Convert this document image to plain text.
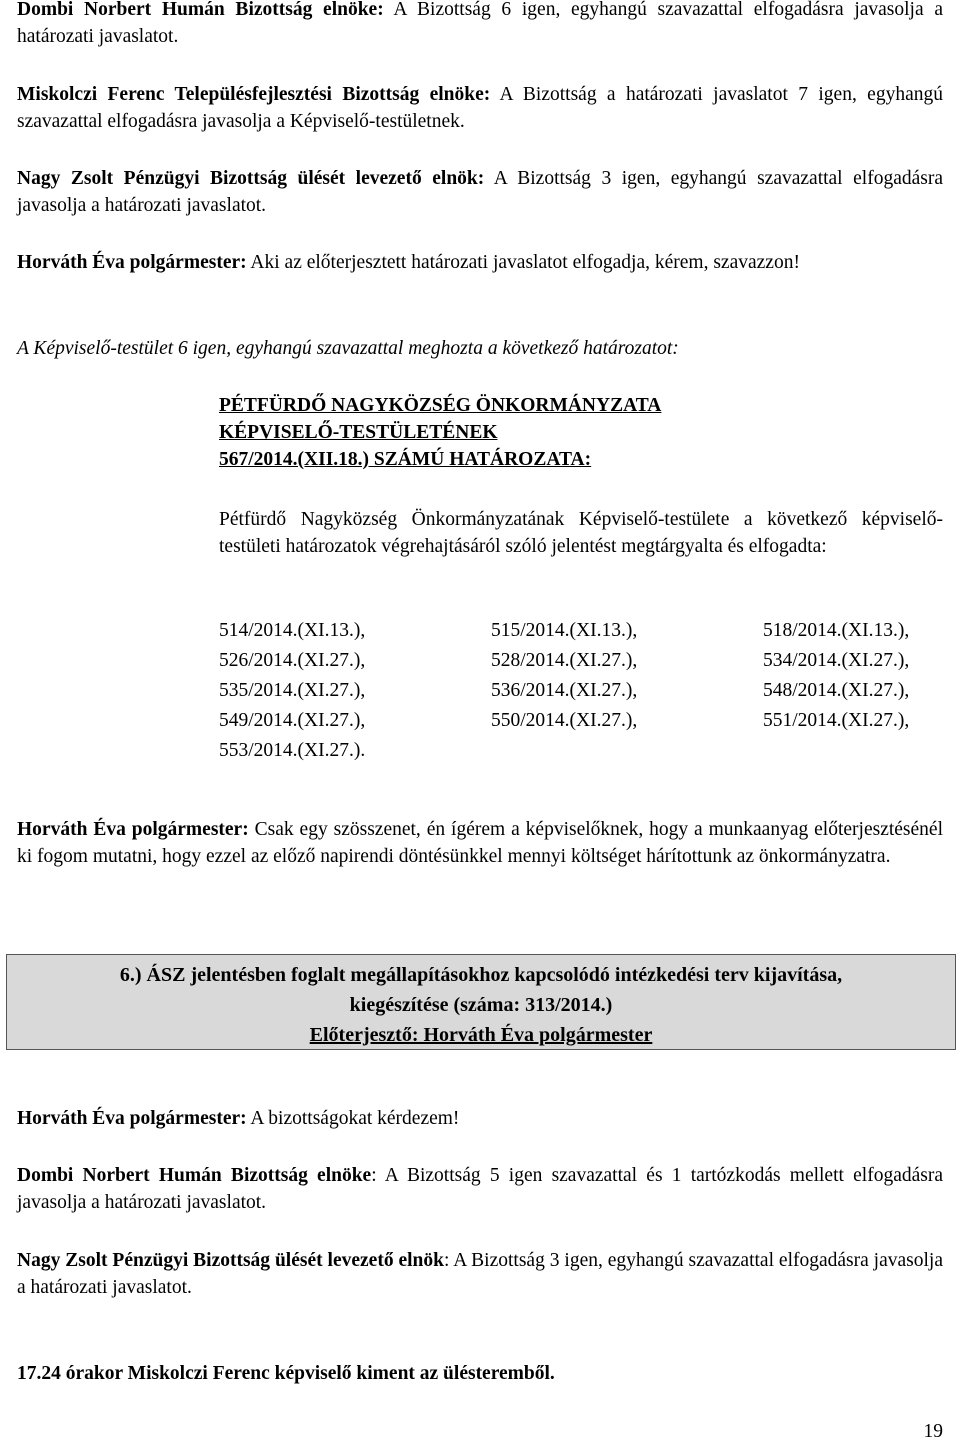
Dombi Norbert Humán Bizottság elnöke: A Bizottság 6 igen, egyhangú szavazattal elfogadásra javasolja a határozati javaslatot.

Miskolczi Ferenc Településfejlesztési Bizottság elnöke: A Bizottság a határozati javaslatot 7 igen, egyhangú szavazattal elfogadásra javasolja a Képviselő-testületnek.

Nagy Zsolt Pénzügyi Bizottság ülését levezető elnök: A Bizottság 3 igen, egyhangú szavazattal elfogadásra javasolja a határozati javaslatot.

Horváth Éva polgármester: Aki az előterjesztett határozati javaslatot elfogadja, kérem, szavazzon!

A Képviselő-testület 6 igen, egyhangú szavazattal meghozta a következő határozatot:

PÉTFÜRDŐ NAGYKÖZSÉG ÖNKORMÁNYZATA
KÉPVISELŐ-TESTÜLETÉNEK
567/2014.(XII.18.) SZÁMÚ HATÁROZATA:

Pétfürdő Nagyközség Önkormányzatának Képviselő-testülete a következő képviselő-testületi határozatok végrehajtásáról szóló jelentést megtárgyalta és elfogadta:

514/2014.(XI.13.),	515/2014.(XI.13.),	518/2014.(XI.13.),
526/2014.(XI.27.),	528/2014.(XI.27.),	534/2014.(XI.27.),
535/2014.(XI.27.),	536/2014.(XI.27.),	548/2014.(XI.27.),
549/2014.(XI.27.),	550/2014.(XI.27.),	551/2014.(XI.27.),
553/2014.(XI.27.).

Horváth Éva polgármester: Csak egy szösszenet, én ígérem a képviselőknek, hogy a munkaanyag előterjesztésénél ki fogom mutatni, hogy ezzel az előző napirendi döntésünkkel mennyi költséget hárítottunk az önkormányzatra.

6.) ÁSZ jelentésben foglalt megállapításokhoz kapcsolódó intézkedési terv kijavítása,
kiegészítése (száma: 313/2014.)
Előterjesztő: Horváth Éva polgármester

Horváth Éva polgármester: A bizottságokat kérdezem!

Dombi Norbert Humán Bizottság elnöke: A Bizottság 5 igen szavazattal és 1 tartózkodás mellett elfogadásra javasolja a határozati javaslatot.

Nagy Zsolt Pénzügyi Bizottság ülését levezető elnök: A Bizottság 3 igen, egyhangú szavazattal elfogadásra javasolja a határozati javaslatot.

17.24 órakor Miskolczi Ferenc képviselő kiment az ülésteremből.

19
